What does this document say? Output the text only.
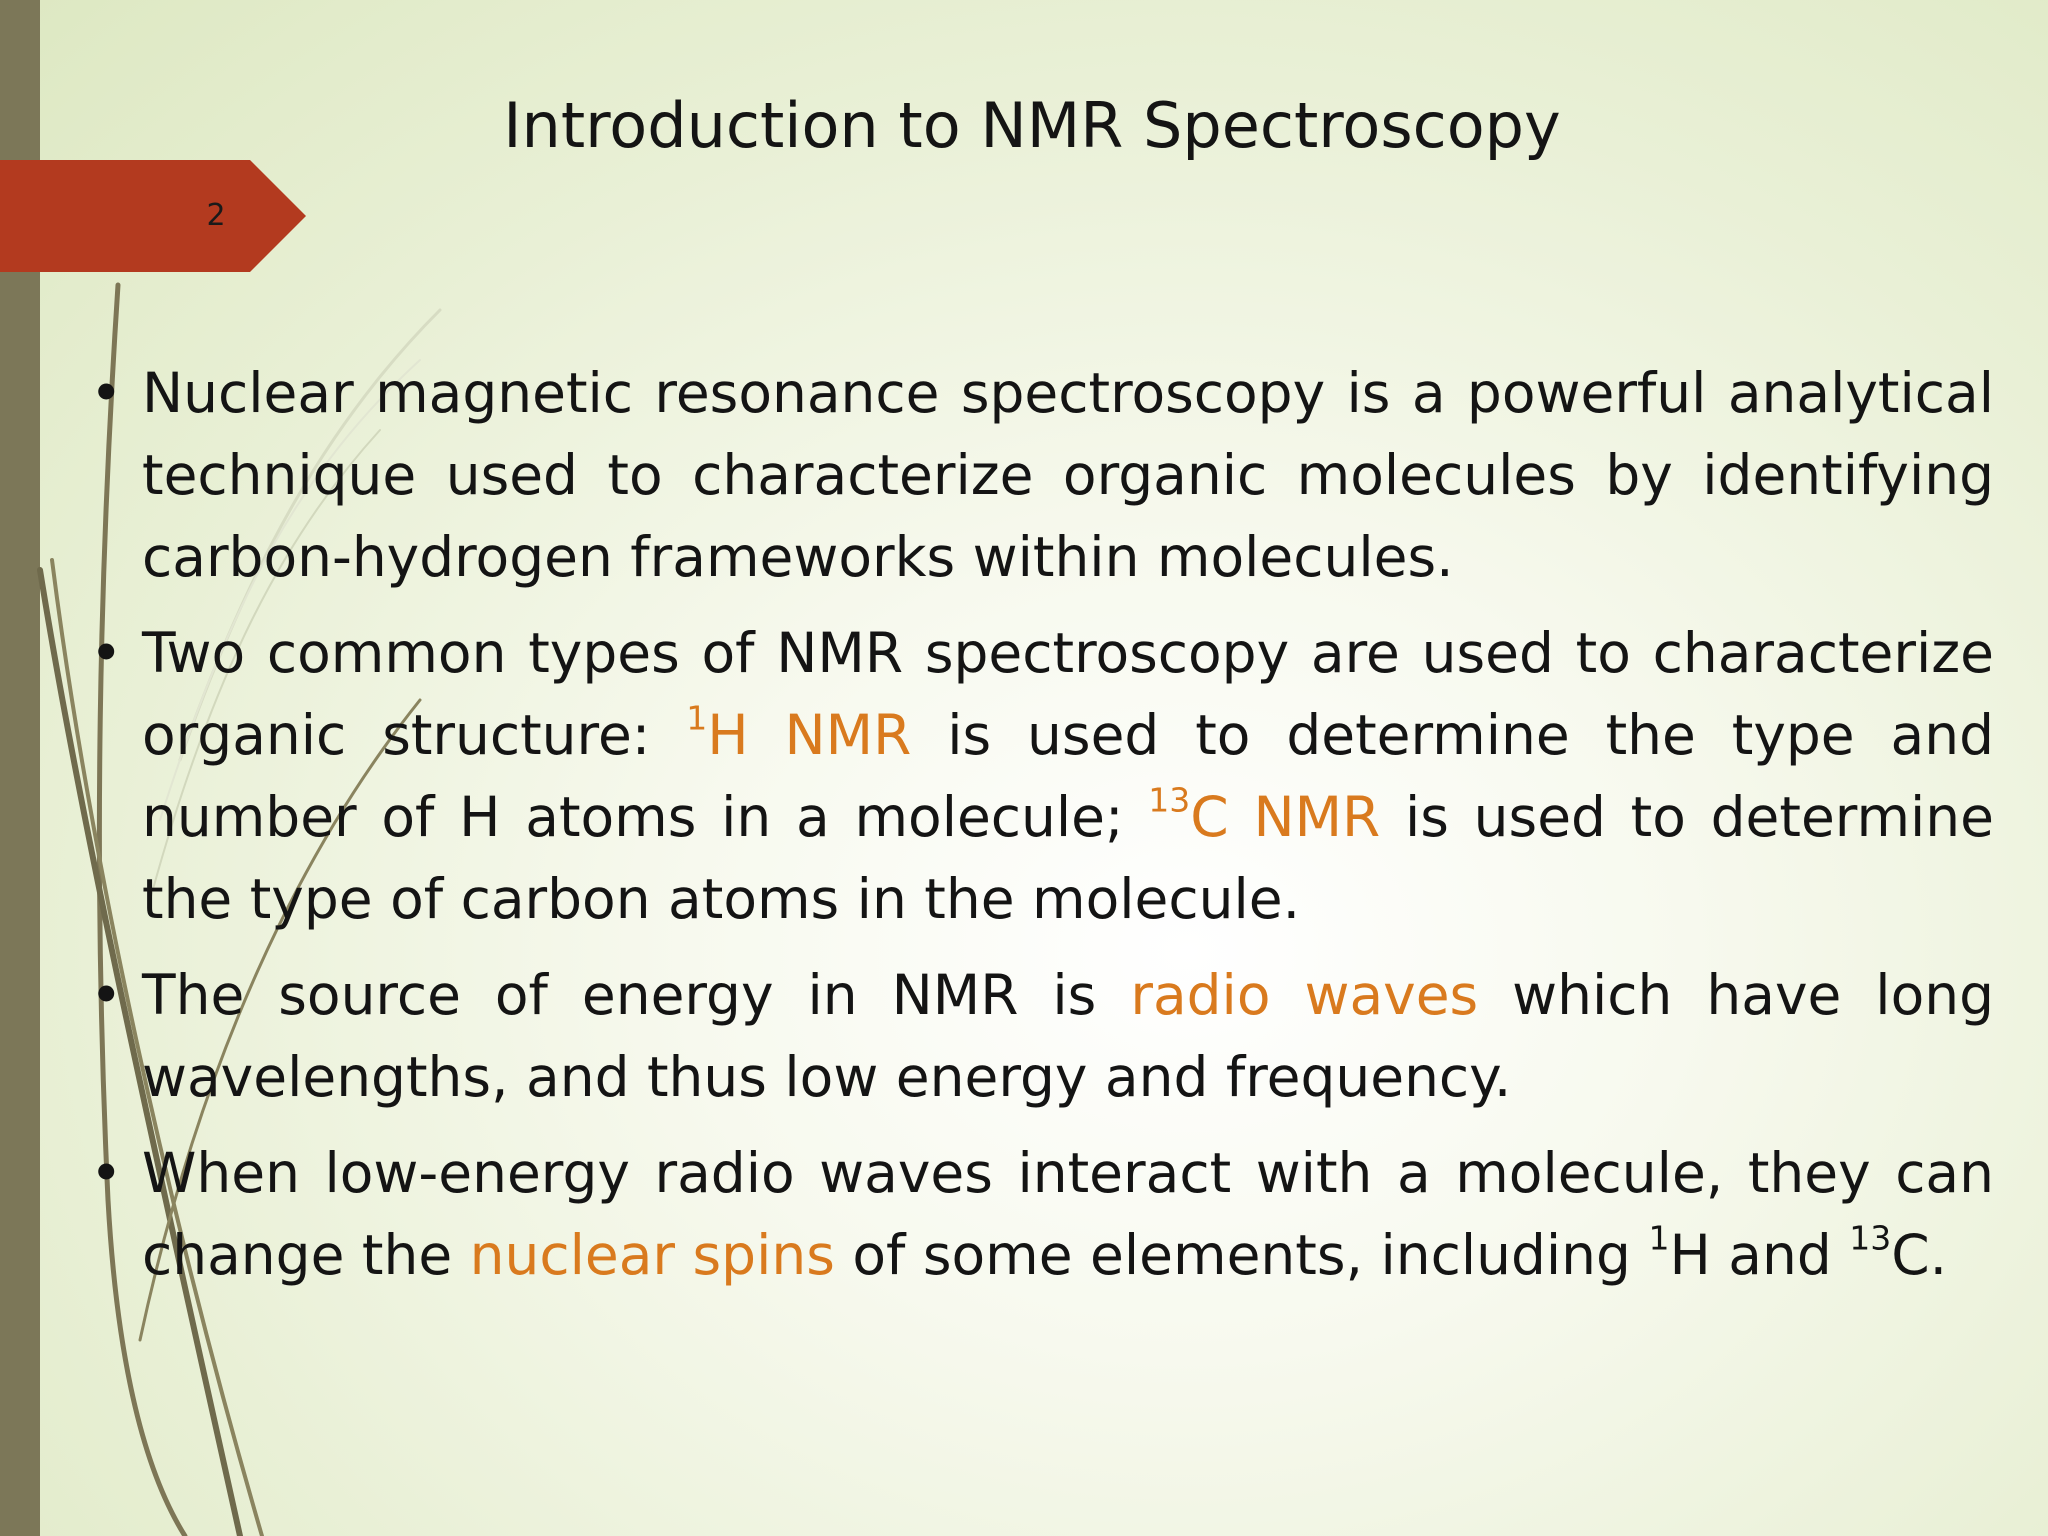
2
Introduction to NMR Spectroscopy
• Nuclear magnetic resonance spectroscopy is a powerful analytical technique used to characterize organic molecules by identifying carbon-hydrogen frameworks within molecules.
• Two common types of NMR spectroscopy are used to characterize organic structure: $^1$H NMR is used to determine the type and number of H atoms in a molecule; $^{13}$C NMR is used to determine the type of carbon atoms in the molecule.
• The source of energy in NMR is radio waves which have long wavelengths, and thus low energy and frequency.
• When low-energy radio waves interact with a molecule, they can change the nuclear spins of some elements, including $^1$H and $^{13}$C.
